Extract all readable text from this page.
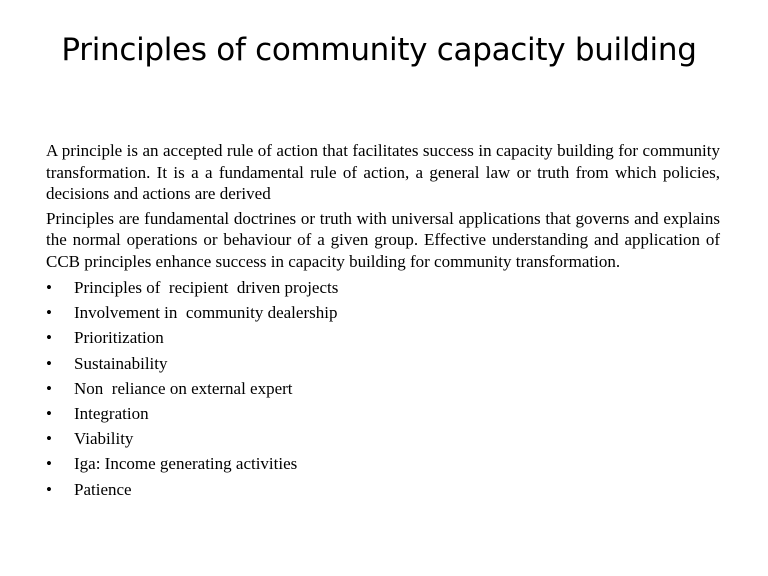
Principles of community capacity building

A principle is an accepted rule of action that facilitates success in capacity building for community transformation. It is a a fundamental rule of action, a general law or truth from which policies, decisions and actions are derived

Principles are fundamental doctrines or truth with universal applications that governs and explains the normal operations or behaviour of a given group. Effective understanding and application of CCB principles enhance success in capacity building for community transformation.

• Principles of  recipient  driven projects
• Involvement in  community dealership
• Prioritization
• Sustainability
• Non  reliance on external expert
• Integration
• Viability
• Iga: Income generating activities
• Patience
